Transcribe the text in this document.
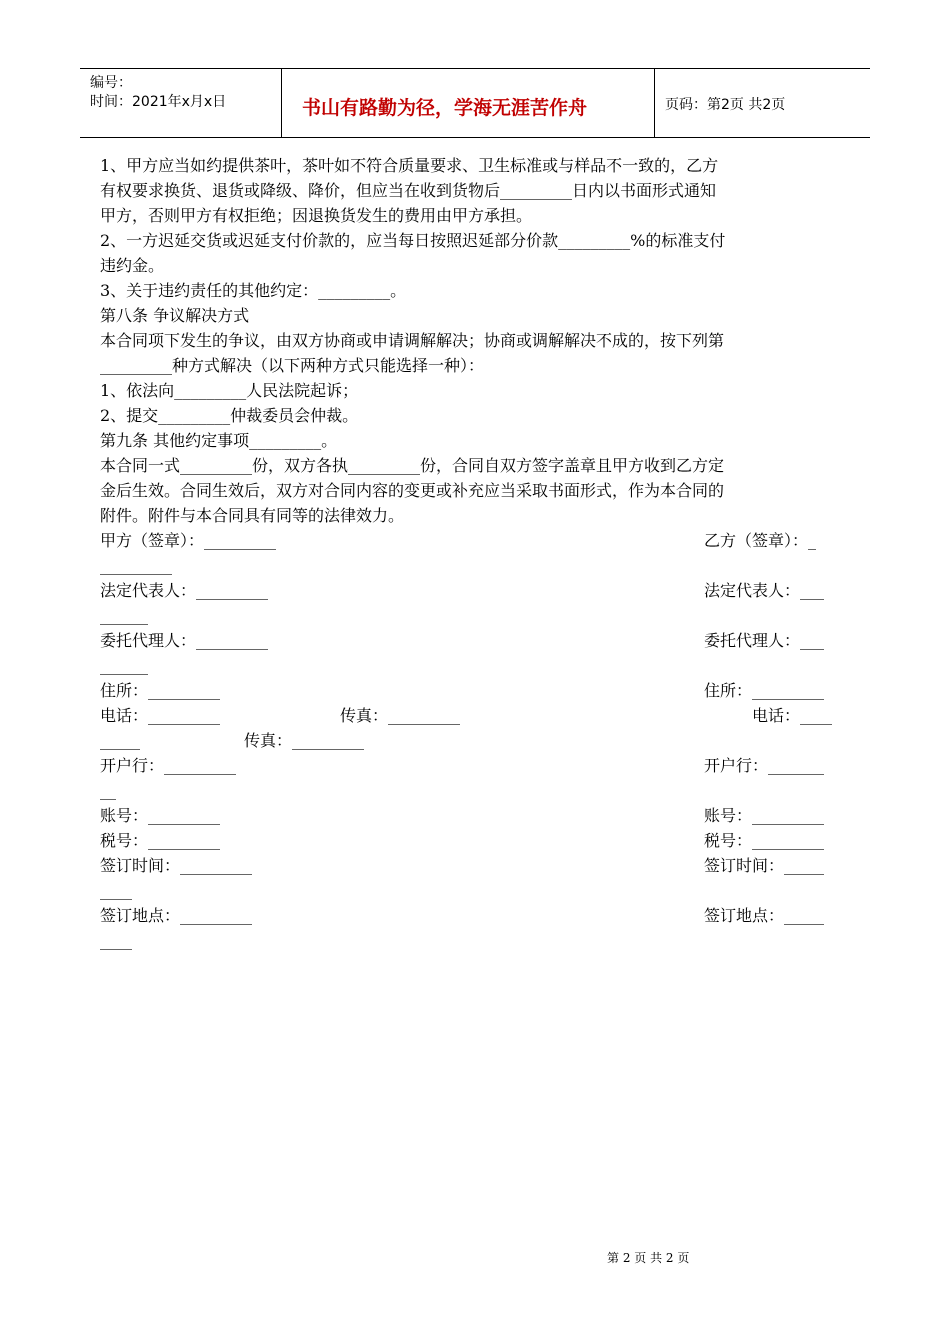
编号：
时间：2021年x月x日	书山有路勤为径，学海无涯苦作舟	页码：第2页 共2页
1、甲方应当如约提供茶叶，茶叶如不符合质量要求、卫生标准或与样品不一致的，乙方
有权要求换货、退货或降级、降价，但应当在收到货物后_________日内以书面形式通知
甲方，否则甲方有权拒绝；因退换货发生的费用由甲方承担。
2、一方迟延交货或迟延支付价款的，应当每日按照迟延部分价款_________%的标准支付
违约金。
3、关于违约责任的其他约定：_________。
第八条 争议解决方式
本合同项下发生的争议，由双方协商或申请调解解决；协商或调解解决不成的，按下列第
_________种方式解决（以下两种方式只能选择一种）：
1、依法向_________人民法院起诉；
2、提交_________仲裁委员会仲裁。
第九条 其他约定事项_________。
本合同一式_________份，双方各执_________份，合同自双方签字盖章且甲方收到乙方定
金后生效。合同生效后，双方对合同内容的变更或补充应当采取书面形式，作为本合同的
附件。附件与本合同具有同等的法律效力。
甲方（签章）：_________	乙方（签章）：_
_________
法定代表人：_________	法定代表人：___
______
委托代理人：_________	委托代理人：___
______
住所：_________	住所：_________
电话：_________	传真：_________	电话：____
_____	传真：_________
开户行：_________	开户行：_______
__
账号：_________	账号：_________
税号：_________	税号：_________
签订时间：_________	签订时间：_____
____
签订地点：_________	签订地点：_____
____
第 2 页 共 2 页
